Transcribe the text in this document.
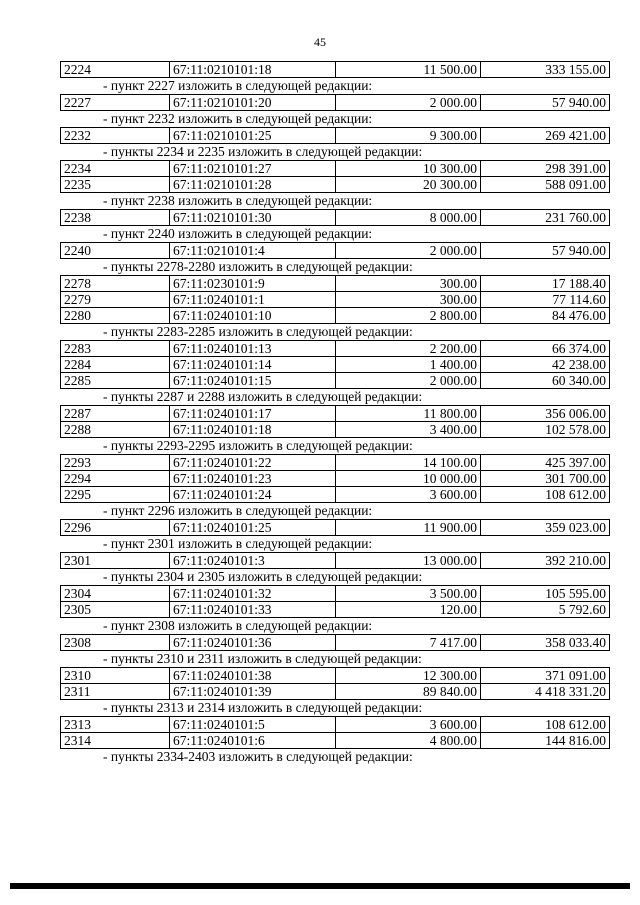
45
2224	67:11:0210101:18	11 500.00	333 155.00
- пункт 2227 изложить в следующей редакции:
2227	67:11:0210101:20	2 000.00	57 940.00
- пункт 2232 изложить в следующей редакции:
2232	67:11:0210101:25	9 300.00	269 421.00
- пункты 2234 и 2235 изложить в следующей редакции:
2234	67:11:0210101:27	10 300.00	298 391.00
2235	67:11:0210101:28	20 300.00	588 091.00
- пункт 2238 изложить в следующей редакции:
2238	67:11:0210101:30	8 000.00	231 760.00
- пункт 2240 изложить в следующей редакции:
2240	67:11:0210101:4	2 000.00	57 940.00
- пункты 2278-2280 изложить в следующей редакции:
2278	67:11:0230101:9	300.00	17 188.40
2279	67:11:0240101:1	300.00	77 114.60
2280	67:11:0240101:10	2 800.00	84 476.00
- пункты 2283-2285 изложить в следующей редакции:
2283	67:11:0240101:13	2 200.00	66 374.00
2284	67:11:0240101:14	1 400.00	42 238.00
2285	67:11:0240101:15	2 000.00	60 340.00
- пункты 2287 и 2288 изложить в следующей редакции:
2287	67:11:0240101:17	11 800.00	356 006.00
2288	67:11:0240101:18	3 400.00	102 578.00
- пункты 2293-2295 изложить в следующей редакции:
2293	67:11:0240101:22	14 100.00	425 397.00
2294	67:11:0240101:23	10 000.00	301 700.00
2295	67:11:0240101:24	3 600.00	108 612.00
- пункт 2296 изложить в следующей редакции:
2296	67:11:0240101:25	11 900.00	359 023.00
- пункт 2301 изложить в следующей редакции:
2301	67:11:0240101:3	13 000.00	392 210.00
- пункты 2304 и 2305 изложить в следующей редакции:
2304	67:11:0240101:32	3 500.00	105 595.00
2305	67:11:0240101:33	120.00	5 792.60
- пункт 2308 изложить в следующей редакции:
2308	67:11:0240101:36	7 417.00	358 033.40
- пункты 2310 и 2311 изложить в следующей редакции:
2310	67:11:0240101:38	12 300.00	371 091.00
2311	67:11:0240101:39	89 840.00	4 418 331.20
- пункты 2313 и 2314 изложить в следующей редакции:
2313	67:11:0240101:5	3 600.00	108 612.00
2314	67:11:0240101:6	4 800.00	144 816.00
- пункты 2334-2403 изложить в следующей редакции:
